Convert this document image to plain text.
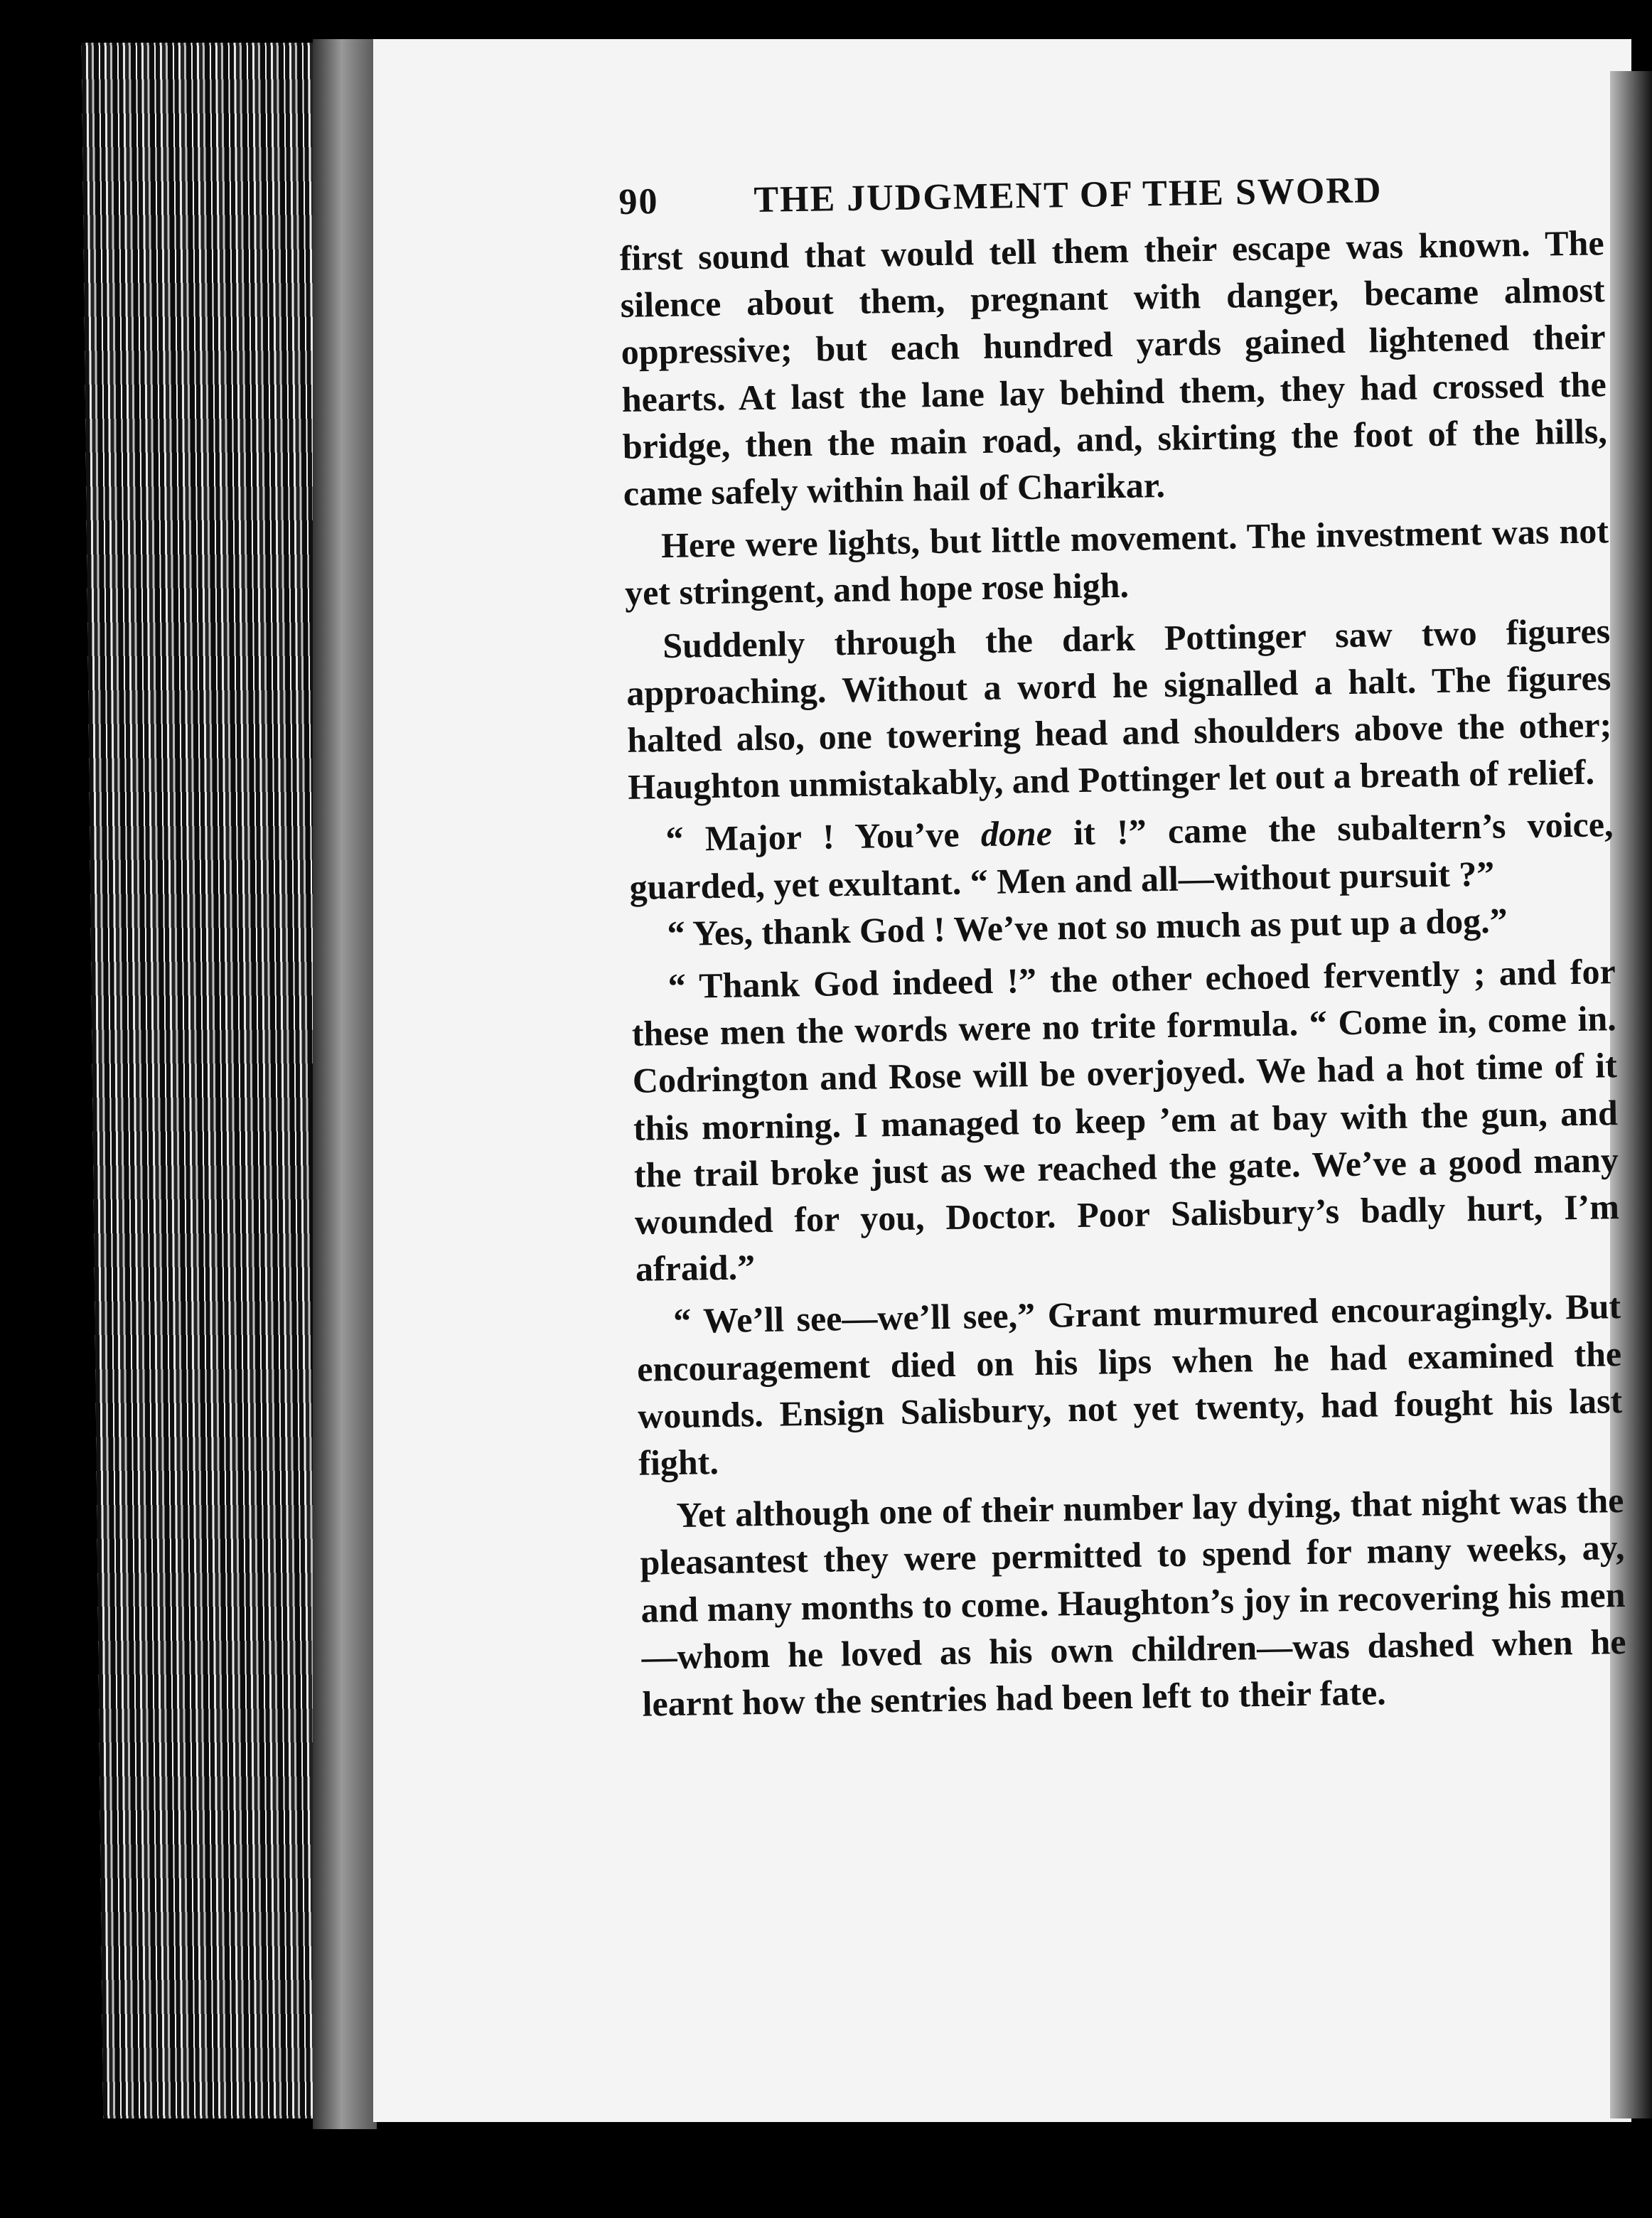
90	THE JUDGMENT OF THE SWORD

first sound that would tell them their escape was known. The silence about them, pregnant with danger, became almost oppressive; but each hundred yards gained lightened their hearts. At last the lane lay behind them, they had crossed the bridge, then the main road, and, skirting the foot of the hills, came safely within hail of Charikar.

Here were lights, but little movement. The investment was not yet stringent, and hope rose high.

Suddenly through the dark Pottinger saw two figures approaching. Without a word he signalled a halt. The figures halted also, one towering head and shoulders above the other; Haughton unmistakably, and Pottinger let out a breath of relief.

“ Major ! You’ve done it !” came the subaltern’s voice, guarded, yet exultant. “ Men and all—without pursuit ?”

“ Yes, thank God ! We’ve not so much as put up a dog.”

“ Thank God indeed !” the other echoed fervently ; and for these men the words were no trite formula. “ Come in, come in. Codrington and Rose will be overjoyed. We had a hot time of it this morning. I managed to keep ’em at bay with the gun, and the trail broke just as we reached the gate. We’ve a good many wounded for you, Doctor. Poor Salisbury’s badly hurt, I’m afraid.”

“ We’ll see—we’ll see,” Grant murmured encouragingly. But encouragement died on his lips when he had examined the wounds. Ensign Salisbury, not yet twenty, had fought his last fight.

Yet although one of their number lay dying, that night was the pleasantest they were permitted to spend for many weeks, ay, and many months to come. Haughton’s joy in recovering his men—whom he loved as his own children—was dashed when he learnt how the sentries had been left to their fate.
